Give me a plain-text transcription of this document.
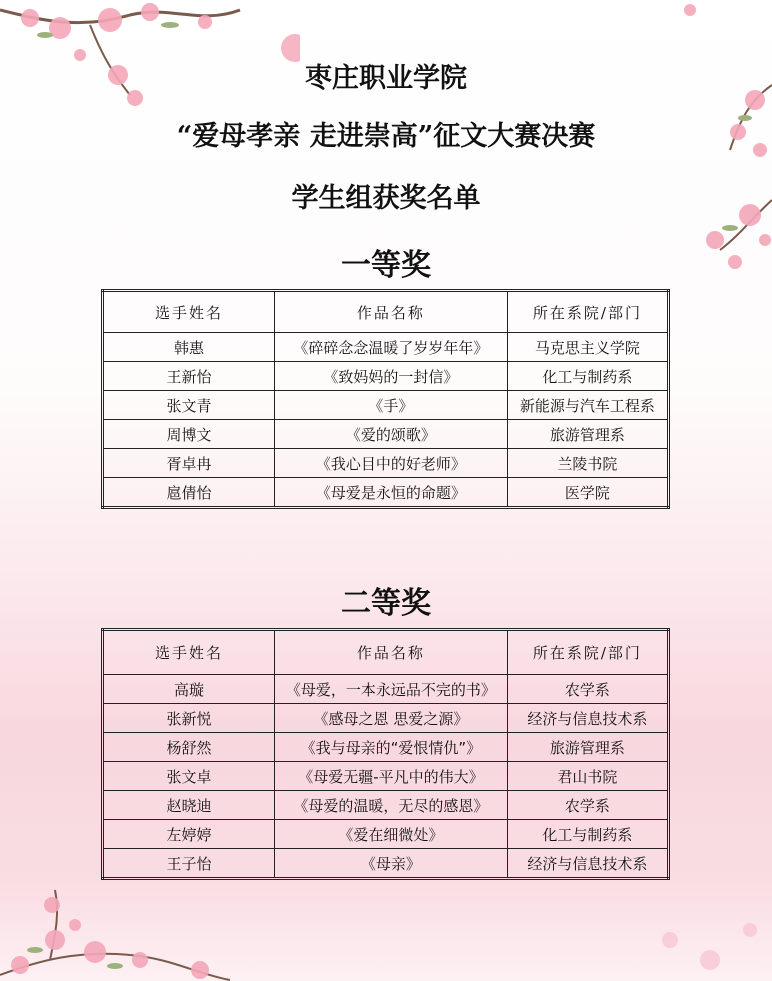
枣庄职业学院
“爱母孝亲 走进崇高”征文大赛决赛
学生组获奖名单
一等奖
选手姓名	作品名称	所在系院/部门
韩惠	《碎碎念念温暖了岁岁年年》	马克思主义学院
王新怡	《致妈妈的一封信》	化工与制药系
张文青	《手》	新能源与汽车工程系
周博文	《爱的颂歌》	旅游管理系
胥卓冉	《我心目中的好老师》	兰陵书院
扈倩怡	《母爱是永恒的命题》	医学院
二等奖
选手姓名	作品名称	所在系院/部门
高璇	《母爱，一本永远品不完的书》	农学系
张新悦	《感母之恩 思爱之源》	经济与信息技术系
杨舒然	《我与母亲的“爱恨情仇”》	旅游管理系
张文卓	《母爱无疆-平凡中的伟大》	君山书院
赵晓迪	《母爱的温暖，无尽的感恩》	农学系
左婷婷	《爱在细微处》	化工与制药系
王子怡	《母亲》	经济与信息技术系
